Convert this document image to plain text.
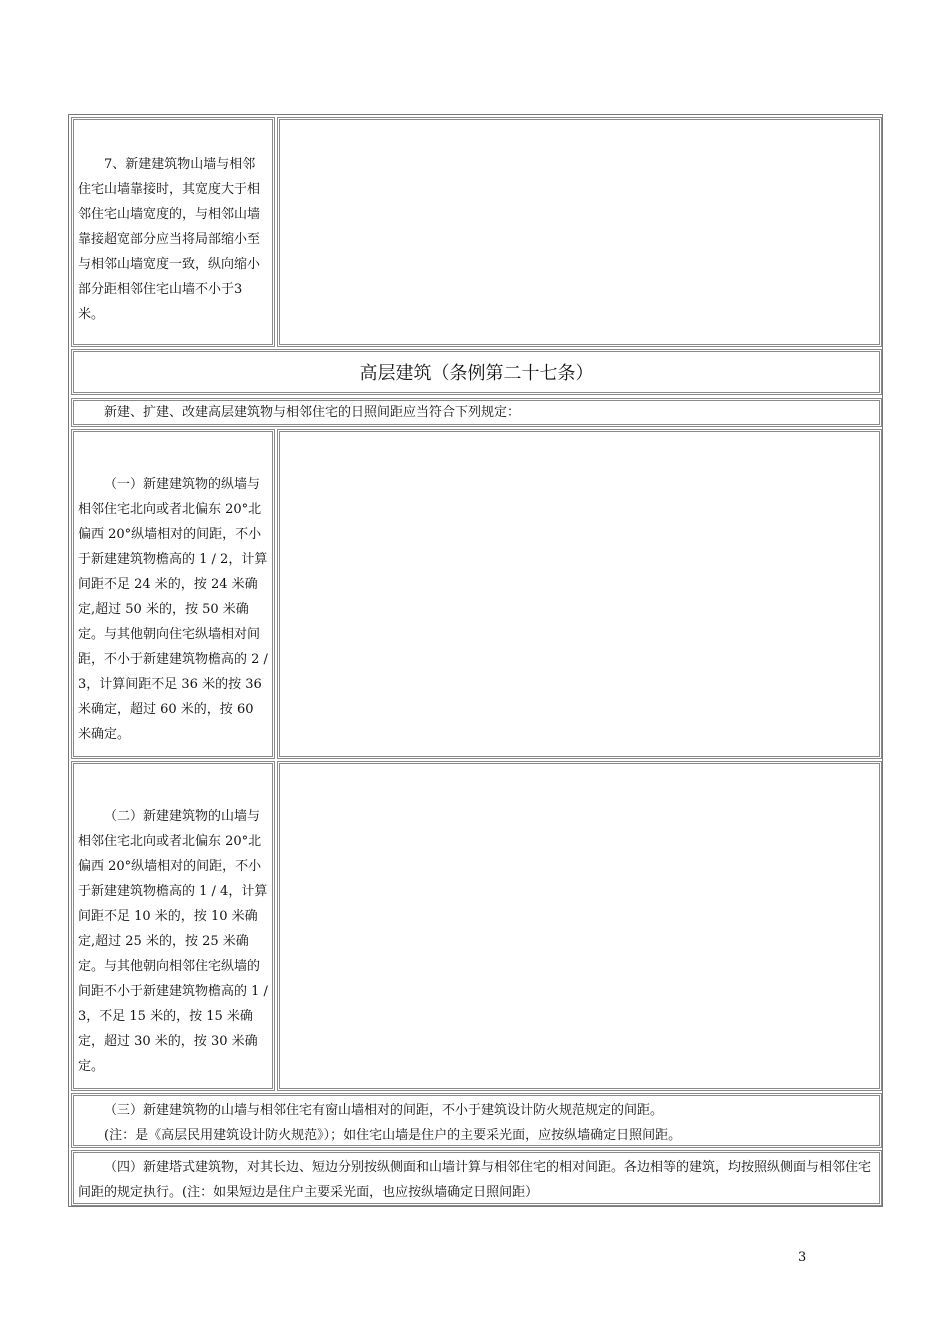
7、新建建筑物山墙与相邻住宅山墙靠接时，其宽度大于相邻住宅山墙宽度的，与相邻山墙靠接超宽部分应当将局部缩小至与相邻山墙宽度一致，纵向缩小部分距相邻住宅山墙不小于3米。

高层建筑（条例第二十七条）

新建、扩建、改建高层建筑物与相邻住宅的日照间距应当符合下列规定：

（一）新建建筑物的纵墙与相邻住宅北向或者北偏东 20°北偏西 20°纵墙相对的间距，不小于新建建筑物檐高的 1 / 2，计算间距不足 24 米的，按 24 米确定,超过 50 米的，按 50 米确定。与其他朝向住宅纵墙相对间距，不小于新建建筑物檐高的 2 / 3，计算间距不足 36 米的按 36 米确定，超过 60 米的，按 60 米确定。

（二）新建建筑物的山墙与相邻住宅北向或者北偏东 20°北偏西 20°纵墙相对的间距，不小于新建建筑物檐高的 1 / 4，计算间距不足 10 米的，按 10 米确定,超过 25 米的，按 25 米确定。与其他朝向相邻住宅纵墙的间距不小于新建建筑物檐高的 1 / 3，不足 15 米的，按 15 米确定，超过 30 米的，按 30 米确定。

（三）新建建筑物的山墙与相邻住宅有窗山墙相对的间距，不小于建筑设计防火规范规定的间距。

(注：是《高层民用建筑设计防火规范》）；如住宅山墙是住户的主要采光面，应按纵墙确定日照间距。

（四）新建塔式建筑物，对其长边、短边分别按纵侧面和山墙计算与相邻住宅的相对间距。各边相等的建筑，均按照纵侧面与相邻住宅间距的规定执行。(注：如果短边是住户主要采光面，也应按纵墙确定日照间距）

3
